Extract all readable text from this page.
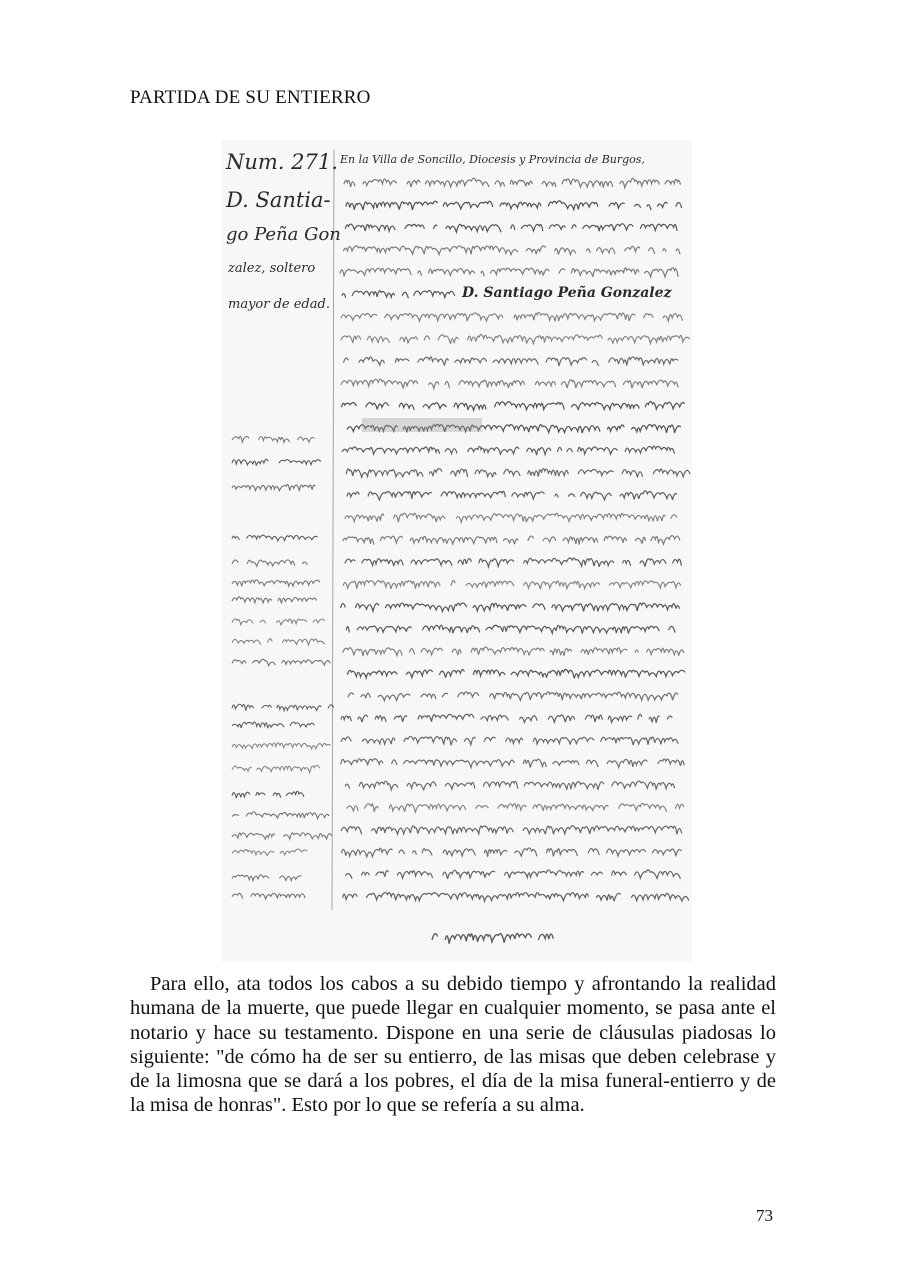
PARTIDA DE SU ENTIERRO
Num. 271.
D. Santia-
go Peña Gon
zalez, soltero
mayor de edad.
En la Villa de Soncillo, Diocesis y Provincia de Burgos,
D. Santiago Peña Gonzalez
Para ello, ata todos los cabos a su debido tiempo y afrontando la realidad humana de la muerte, que puede llegar en cualquier momento, se pasa ante el notario y hace su testamento. Dispone en una serie de cláusulas piadosas lo siguiente: "de cómo ha de ser su entierro, de las misas que deben celebrase y de la limosna que se dará a los pobres, el día de la misa funeral-entierro y de la misa de honras". Esto por lo que se refería a su alma.
73
